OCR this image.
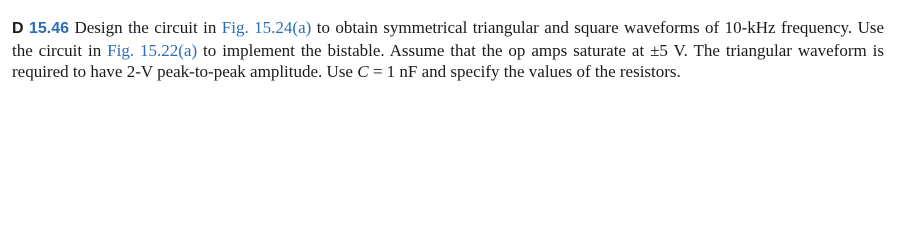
D 15.46 Design the circuit in Fig. 15.24(a) to obtain symmetrical triangular and square waveforms of 10-kHz frequency. Use the circuit in Fig. 15.22(a) to implement the bistable. Assume that the op amps saturate at ±5 V. The triangular waveform is required to have 2-V peak-to-peak amplitude. Use C = 1 nF and specify the values of the resistors.
